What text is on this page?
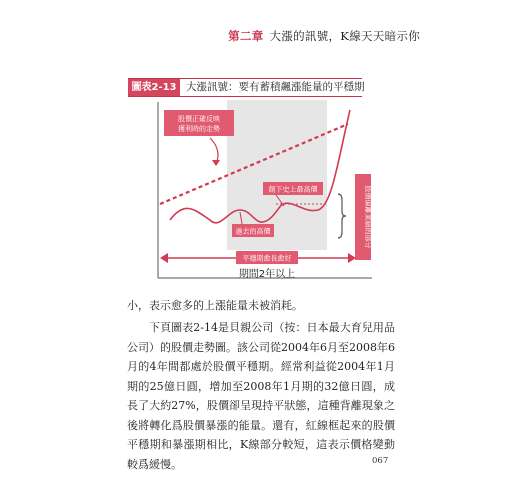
第二章 大漲的訊號，K線天天暗示你
圖表2-13 大漲訊號：要有蓄積飆漲能量的平穩期
股價正確反映
獲利時的走勢
創下史上最高價
過去的高價	股價偏離業績的部分
平穩期愈長愈好
期間2年以上

小，表示愈多的上漲能量未被消耗。

下頁圖表2-14是貝親公司（按：日本最大育兒用品公司）的股價走勢圖。該公司從2004年6月至2008年6月的4年間都處於股價平穩期。經常利益從2004年1月期的25億日圓，增加至2008年1月期的32億日圓，成長了大約27%，股價卻呈現持平狀態，這種背離現象之後將轉化爲股價暴漲的能量。還有，紅線框起來的股價平穩期和暴漲期相比，K線部分較短，這表示價格變動較爲緩慢。	067
